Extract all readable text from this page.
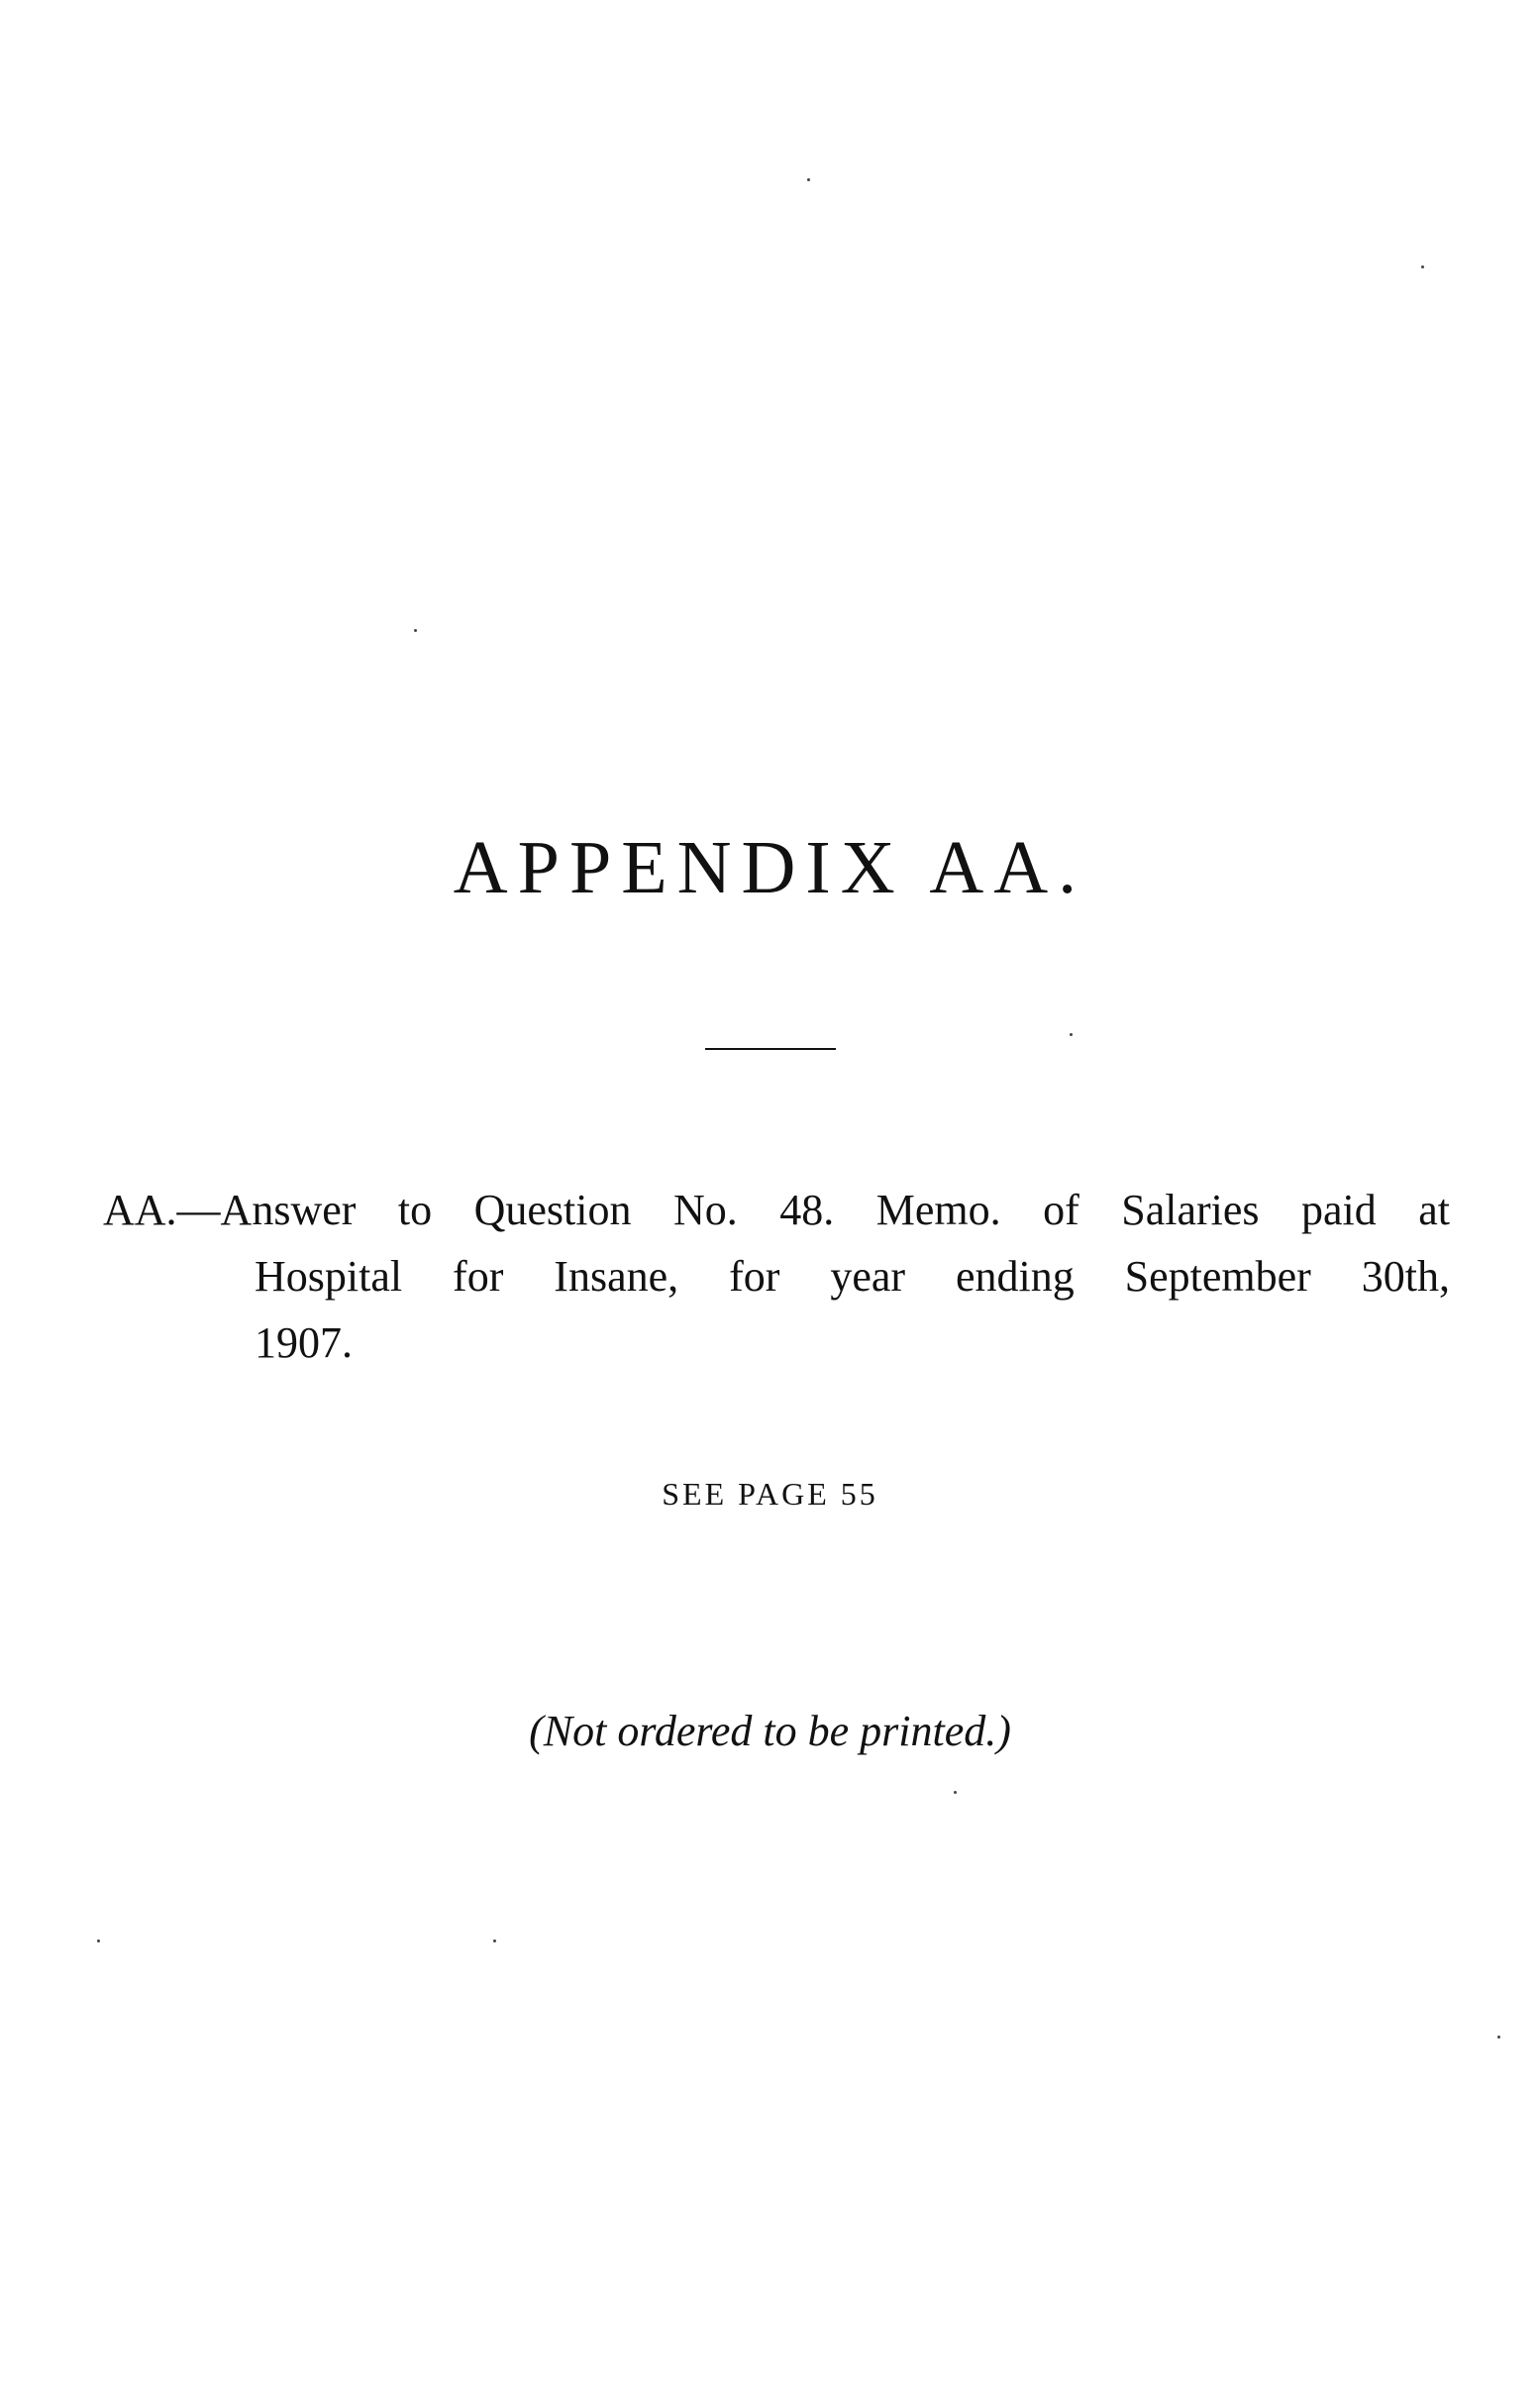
APPENDIX AA.

AA.—Answer to Question No. 48. Memo. of Salaries paid at
Hospital for Insane, for year ending September 30th,
1907.

SEE PAGE 55

(Not ordered to be printed.)
